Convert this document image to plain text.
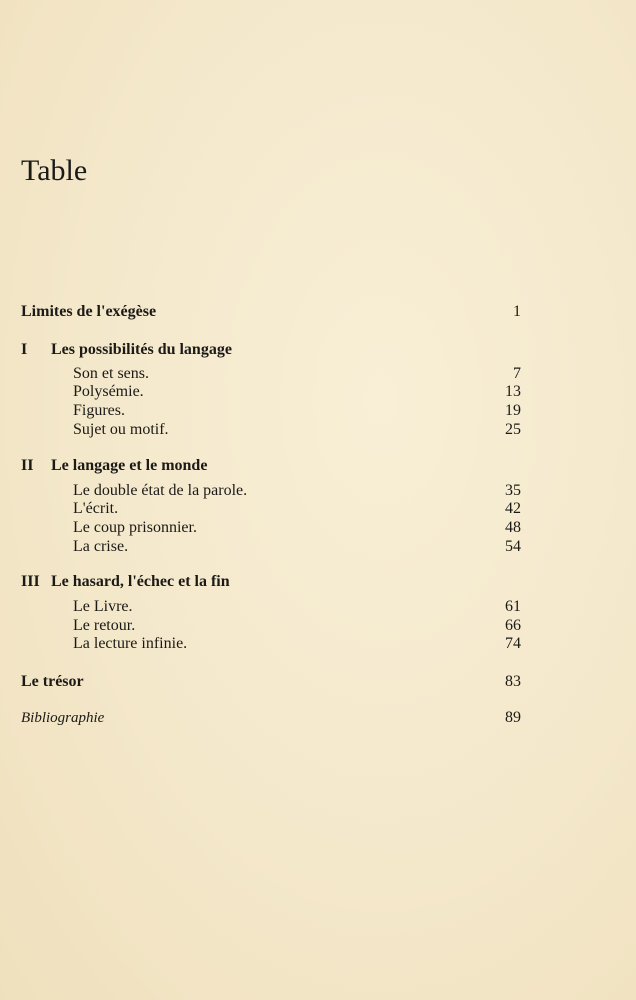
Table
Limites de l'exégèse	1
I Les possibilités du langage
Son et sens.	7
Polysémie.	13
Figures.	19
Sujet ou motif.	25
II Le langage et le monde
Le double état de la parole.	35
L'écrit.	42
Le coup prisonnier.	48
La crise.	54
III Le hasard, l'échec et la fin
Le Livre.	61
Le retour.	66
La lecture infinie.	74
Le trésor	83
Bibliographie	89
